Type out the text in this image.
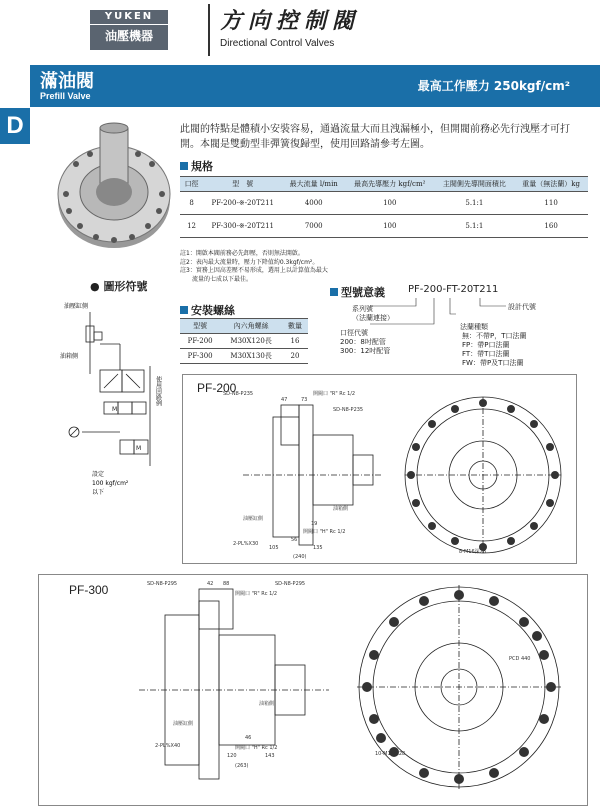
YUKEN
油壓機器
方向控制閥
Directional Control Valves
滿油閥
Prefill Valve
最高工作壓力 250kgf/cm²
D	此閥的特點是體積小安裝容易，通過流量大而且洩漏極小，但開閥前務必先行洩壓才可打開。本閥是雙動型非彈簧復歸型，使用回路請參考左圖。
規格
口徑	型　號	最大流量 l/min	最高先導壓力 kgf/cm²	主閥側先導開面積比	重量（無法蘭）kg
8	PF-200-※-20T211	4000	100	5.1:1	110
12	PF-300-※-20T211	7000	100	5.1:1	160
註1：開啟本閥前務必先卸壓，否則無法開啟。
註2：表內最大流量時，壓力下降值約0.3kgf/cm²。
註3：實務上因高差壓不易形成，選用上以計算值為最大
　　流量的七成以下最佳。
● 圖形符號
油壓缸側
油箱側
M
M
使用回路例
設定
100 kgf/cm²
以下
安裝螺絲
型號	內六角螺絲	數量
PF-200	M30X120長	16
PF-300	M30X130長	20
型號意義 PF-200-FT-20T211
系列號
（法蘭連接）
口徑代號
200：8吋配管
300：12吋配管
設計代號
法蘭種類
無：不帶P，T口法蘭
FP：帶P口法蘭
FT：帶T口法蘭
FW：帶P及T口法蘭
PF-200
SD-N8-P235	開閥口 "R" Rc 1/2
SD-N8-P235
47	73
油壓缸側
油箱側
2-PL%X30
開閥口 "H" Rc 1/2
19
56
105	135
(240)
8-M16深28
PF-300	SD-N8-P295
開閥口 "R" Rc 1/2
SD-N8-P295
42 88
油壓缸側
油箱側
2-PL%X40	開閥口 "H" Rc 1/2
46
120	143
(263)
PCD 440
10-M16深28
